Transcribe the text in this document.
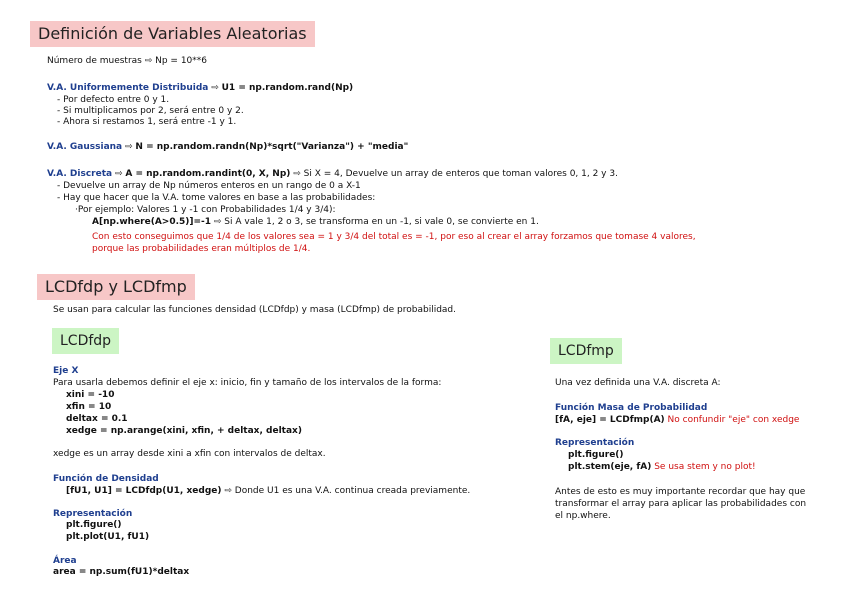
Definición de Variables Aleatorias
Número de muestras ⇨ Np = 10**6
V.A. Uniformemente Distribuida ⇨ U1 = np.random.rand(Np)
- Por defecto entre 0 y 1.
- Si multiplicamos por 2, será entre 0 y 2.
- Ahora si restamos 1, será entre -1 y 1.
V.A. Gaussiana ⇨ N = np.random.randn(Np)*sqrt("Varianza") + "media"
V.A. Discreta ⇨ A = np.random.randint(0, X, Np) ⇨ Si X = 4, Devuelve un array de enteros que toman valores 0, 1, 2 y 3.
- Devuelve un array de Np números enteros en un rango de 0 a X-1
- Hay que hacer que la V.A. tome valores en base a las probabilidades:
·Por ejemplo: Valores 1 y -1 con Probabilidades 1/4 y 3/4):
A[np.where(A>0.5)]=-1 ⇨ Si A vale 1, 2 o 3, se transforma en un -1, si vale 0, se convierte en 1.
Con esto conseguimos que 1/4 de los valores sea = 1 y 3/4 del total es = -1, por eso al crear el array forzamos que tomase 4 valores,
porque las probabilidades eran múltiplos de 1/4.
LCDfdp y LCDfmp
Se usan para calcular las funciones densidad (LCDfdp) y masa (LCDfmp) de probabilidad.
LCDfdp
Eje X
Para usarla debemos definir el eje x: inicio, fin y tamaño de los intervalos de la forma:
xini = -10
xfin = 10
deltax = 0.1
xedge = np.arange(xini, xfin, + deltax, deltax)
xedge es un array desde xini a xfin con intervalos de deltax.
Función de Densidad
[fU1, U1] = LCDfdp(U1, xedge) ⇨ Donde U1 es una V.A. continua creada previamente.
Representación
plt.figure()
plt.plot(U1, fU1)
Área
area = np.sum(fU1)*deltax
LCDfmp
Una vez definida una V.A. discreta A:
Función Masa de Probabilidad
[fA, eje] = LCDfmp(A) No confundir "eje" con xedge
Representación
plt.figure()
plt.stem(eje, fA) Se usa stem y no plot!
Antes de esto es muy importante recordar que hay que
transformar el array para aplicar las probabilidades con
el np.where.
